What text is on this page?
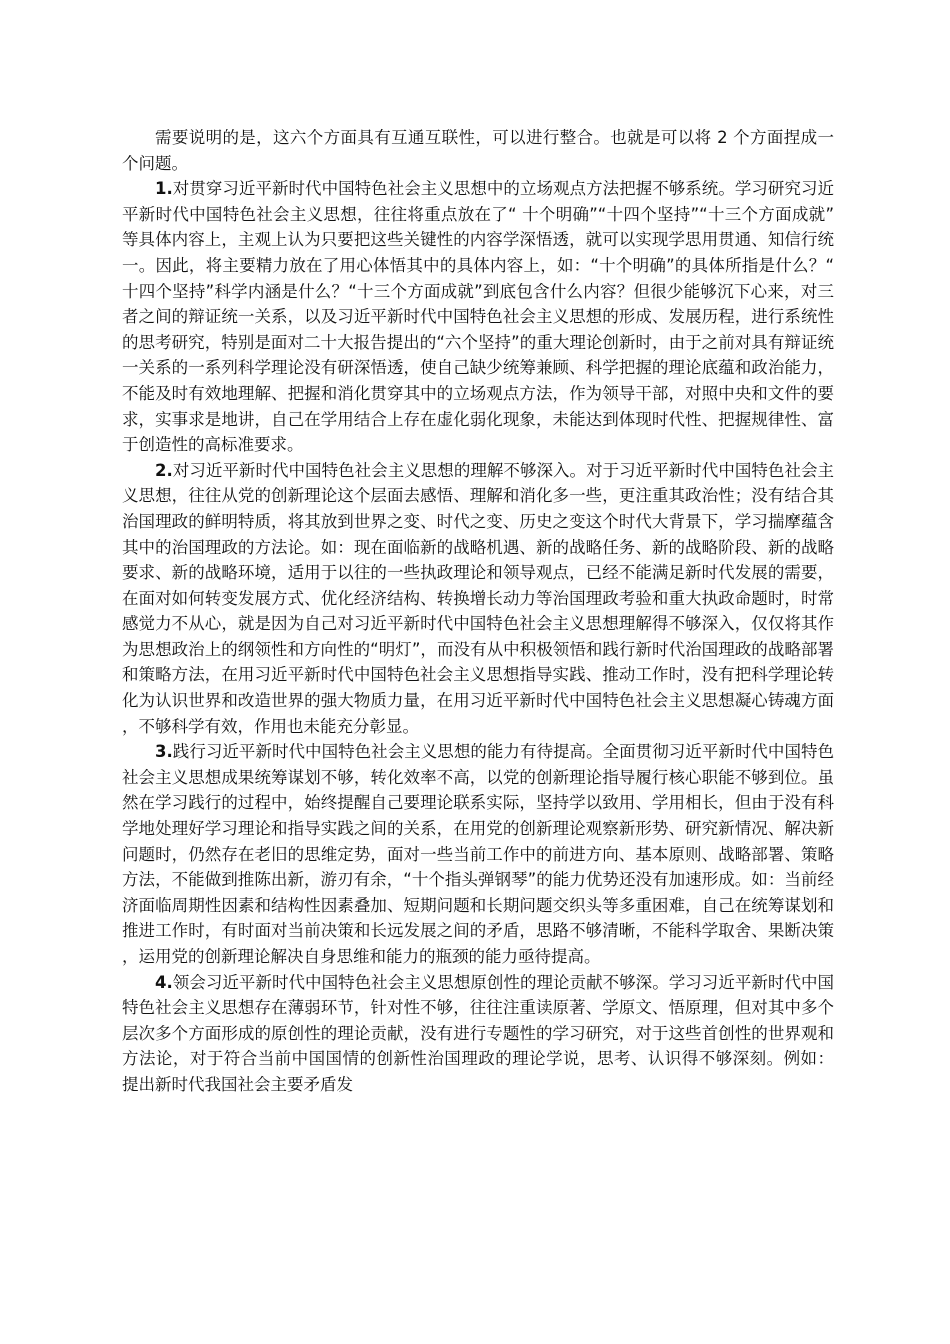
需要说明的是，这六个方面具有互通互联性，可以进行整合。也就是可以将 2 个方面捏成一个问题。

1.对贯穿习近平新时代中国特色社会主义思想中的立场观点方法把握不够系统。学习研究习近平新时代中国特色社会主义思想，往往将重点放在了“ 十个明确”“十四个坚持”“十三个方面成就”等具体内容上，主观上认为只要把这些关键性的内容学深悟透，就可以实现学思用贯通、知信行统一。因此，将主要精力放在了用心体悟其中的具体内容上，如：“十个明确”的具体所指是什么？“十四个坚持”科学内涵是什么？“十三个方面成就”到底包含什么内容？但很少能够沉下心来，对三者之间的辩证统一关系，以及习近平新时代中国特色社会主义思想的形成、发展历程，进行系统性的思考研究，特别是面对二十大报告提出的“六个坚持”的重大理论创新时，由于之前对具有辩证统一关系的一系列科学理论没有研深悟透，使自己缺少统筹兼顾、科学把握的理论底蕴和政治能力，不能及时有效地理解、把握和消化贯穿其中的立场观点方法，作为领导干部，对照中央和文件的要求，实事求是地讲，自己在学用结合上存在虚化弱化现象，未能达到体现时代性、把握规律性、富于创造性的高标准要求。

2.对习近平新时代中国特色社会主义思想的理解不够深入。对于习近平新时代中国特色社会主义思想，往往从党的创新理论这个层面去感悟、理解和消化多一些，更注重其政治性；没有结合其治国理政的鲜明特质，将其放到世界之变、时代之变、历史之变这个时代大背景下，学习揣摩蕴含其中的治国理政的方法论。如：现在面临新的战略机遇、新的战略任务、新的战略阶段、新的战略要求、新的战略环境，适用于以往的一些执政理论和领导观点，已经不能满足新时代发展的需要，在面对如何转变发展方式、优化经济结构、转换增长动力等治国理政考验和重大执政命题时，时常感觉力不从心，就是因为自己对习近平新时代中国特色社会主义思想理解得不够深入，仅仅将其作为思想政治上的纲领性和方向性的“明灯”，而没有从中积极领悟和践行新时代治国理政的战略部署和策略方法，在用习近平新时代中国特色社会主义思想指导实践、推动工作时，没有把科学理论转化为认识世界和改造世界的强大物质力量，在用习近平新时代中国特色社会主义思想凝心铸魂方面，不够科学有效，作用也未能充分彰显。

3.践行习近平新时代中国特色社会主义思想的能力有待提高。全面贯彻习近平新时代中国特色社会主义思想成果统筹谋划不够，转化效率不高，以党的创新理论指导履行核心职能不够到位。虽然在学习践行的过程中，始终提醒自己要理论联系实际，坚持学以致用、学用相长，但由于没有科学地处理好学习理论和指导实践之间的关系，在用党的创新理论观察新形势、研究新情况、解决新问题时，仍然存在老旧的思维定势，面对一些当前工作中的前进方向、基本原则、战略部署、策略方法，不能做到推陈出新，游刃有余，“十个指头弹钢琴”的能力优势还没有加速形成。如：当前经济面临周期性因素和结构性因素叠加、短期问题和长期问题交织头等多重困难，自己在统筹谋划和推进工作时，有时面对当前决策和长远发展之间的矛盾，思路不够清晰，不能科学取舍、果断决策，运用党的创新理论解决自身思维和能力的瓶颈的能力亟待提高。

4.领会习近平新时代中国特色社会主义思想原创性的理论贡献不够深。学习习近平新时代中国特色社会主义思想存在薄弱环节，针对性不够，往往注重读原著、学原文、悟原理，但对其中多个层次多个方面形成的原创性的理论贡献，没有进行专题性的学习研究，对于这些首创性的世界观和方法论，对于符合当前中国国情的创新性治国理政的理论学说，思考、认识得不够深刻。例如： 提出新时代我国社会主要矛盾发
